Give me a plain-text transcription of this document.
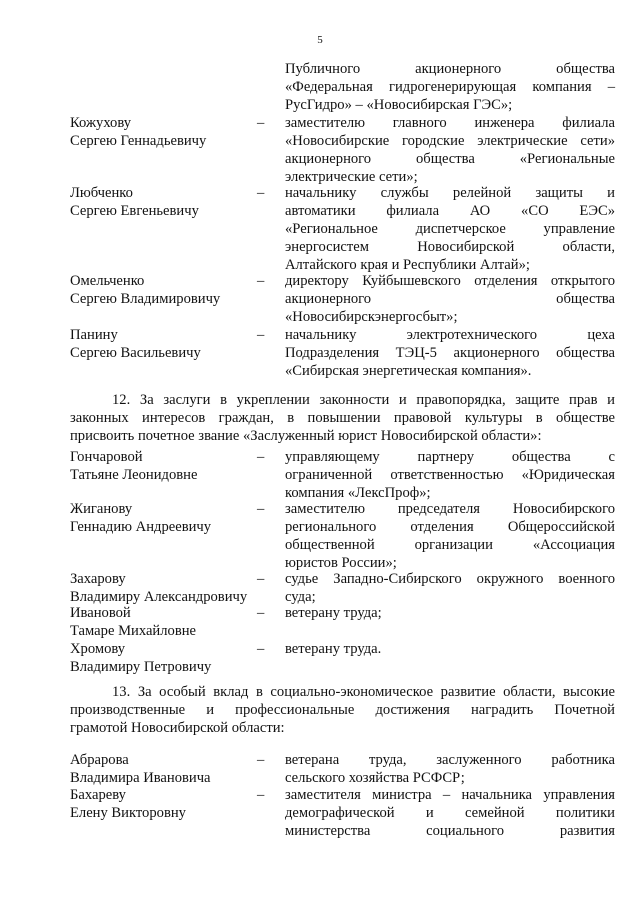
5
Публичного акционерного общества
«Федеральная гидрогенерирующая компания –
РусГидро» – «Новосибирская ГЭС»;
Кожухову
Сергею Геннадьевичу
–	заместителю главного инженера филиала
«Новосибирские городские электрические сети»
акционерного общества «Региональные
электрические сети»;
Любченко
Сергею Евгеньевичу
–	начальнику службы релейной защиты и
автоматики филиала АО «СО ЕЭС»
«Региональное диспетчерское управление
энергосистем Новосибирской области,
Алтайского края и Республики Алтай»;
Омельченко
Сергею Владимировичу
–	директору Куйбышевского отделения открытого
акционерного общества
«Новосибирскэнергосбыт»;
Панину
Сергею Васильевичу
–	начальнику электротехнического цеха
Подразделения ТЭЦ-5 акционерного общества
«Сибирская энергетическая компания».
12. За заслуги в укреплении законности и правопорядка, защите прав и
законных интересов граждан, в повышении правовой культуры в обществе
присвоить почетное звание «Заслуженный юрист Новосибирской области»:
Гончаровой
Татьяне Леонидовне
–	управляющему партнеру общества с
ограниченной ответственностью «Юридическая
компания «ЛексПроф»;
Жиганову
Геннадию Андреевичу
–	заместителю председателя Новосибирского
регионального отделения Общероссийской
общественной организации «Ассоциация
юристов России»;
Захарову
Владимиру Александровичу
–	судье Западно-Сибирского окружного военного
суда;
Ивановой
Тамаре Михайловне
–	ветерану труда;
Хромову
Владимиру Петровичу
–	ветерану труда.
13. За особый вклад в социально-экономическое развитие области, высокие
производственные и профессиональные достижения наградить Почетной
грамотой Новосибирской области:
Абрарова
Владимира Ивановича
–	ветерана труда, заслуженного работника
сельского хозяйства РСФСР;
Бахареву
Елену Викторовну
–	заместителя министра – начальника управления
демографической и семейной политики
министерства социального развития
